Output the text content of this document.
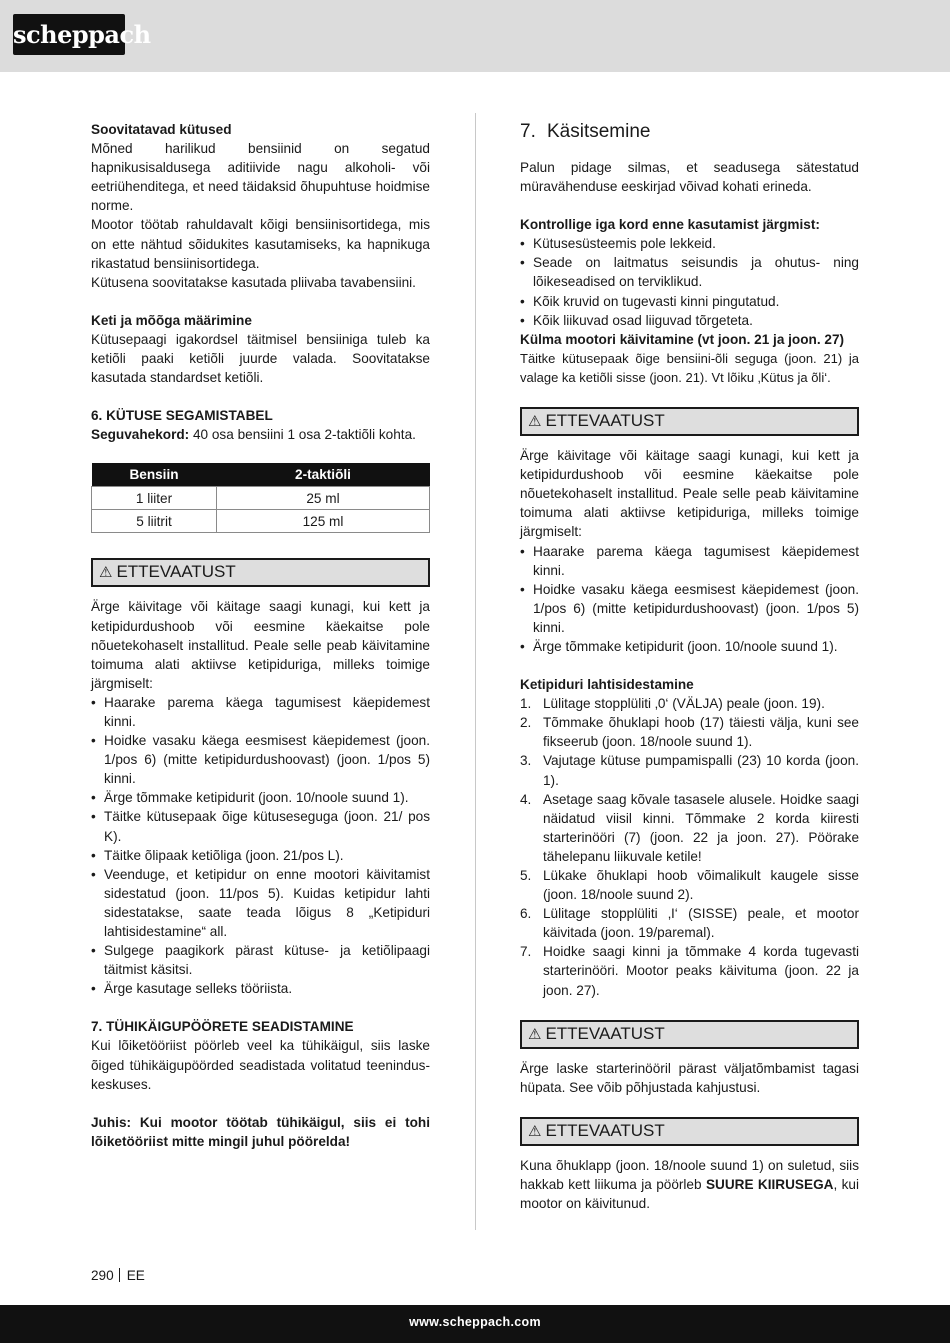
scheppach

Soovitatavad kütused

Mõned harilikud bensiinid on segatud hapnikusisaldusega aditiivide nagu alkoholi- või eetriühenditega, et need täidaksid õhupuhtuse hoidmise norme.

Mootor töötab rahuldavalt kõigi bensiinisortidega, mis on ette nähtud sõidukites kasutamiseks, ka hapnikuga rikastatud bensiinisortidega.

Kütusena soovitatakse kasutada pliivaba tavabensiini.

Keti ja mõõga määrimine

Kütusepaagi igakordsel täitmisel bensiiniga tuleb ka ketiõli paaki ketiõli juurde valada. Soovitatakse kasutada standardset ketiõli.

6. KÜTUSE SEGAMISTABEL

Seguvahekord: 40 osa bensiini 1 osa 2-taktiõli kohta.

Bensiin	2-taktiõli
1 liiter	25 ml
5 liitrit	125 ml
⚠ ETTEVAATUST

Ärge käivitage või käitage saagi kunagi, kui kett ja ketipidurdushoob või eesmine käekaitse pole nõuetekohaselt installitud. Peale selle peab käivitamine toimuma alati aktiivse ketipiduriga, milleks toimige järgmiselt:

• Haarake parema käega tagumisest käepidemest kinni.
• Hoidke vasaku käega eesmisest käepidemest (joon. 1/pos 6) (mitte ketipidurdushoovast) (joon. 1/pos 5) kinni.
• Ärge tõmmake ketipidurit (joon. 10/noole suund 1).
• Täitke kütusepaak õige kütuseseguga (joon. 21/ pos K).
• Täitke õlipaak ketiõliga (joon. 21/pos L).
• Veenduge, et ketipidur on enne mootori käivitamist sidestatud (joon. 11/pos 5). Kuidas ketipidur lahti sidestatakse, saate teada lõigus 8 „Ketipiduri lahtisidestamine“ all.
• Sulgege paagikork pärast kütuse- ja ketiõlipaagi täitmist käsitsi.
• Ärge kasutage selleks tööriista.

7. TÜHIKÄIGUPÖÖRETE SEADISTAMINE

Kui lõiketööriist pöörleb veel ka tühikäigul, siis laske õiged tühikäigupöörded seadistada volitatud teeninduskeskuses.

Juhis: Kui mootor töötab tühikäigul, siis ei tohi lõiketööriist mitte mingil juhul pöörelda!

7. Käsitsemine

Palun pidage silmas, et seadusega sätestatud müravähenduse eeskirjad võivad kohati erineda.

Kontrollige iga kord enne kasutamist järgmist:

• Kütusesüsteemis pole lekkeid.
• Seade on laitmatus seisundis ja ohutus- ning lõikeseadised on terviklikud.
• Kõik kruvid on tugevasti kinni pingutatud.
• Kõik liikuvad osad liiguvad tõrgeteta.

Külma mootori käivitamine (vt joon. 21 ja joon. 27)

Täitke kütusepaak õige bensiini-õli seguga (joon. 21) ja valage ka ketiõli sisse (joon. 21). Vt lõiku ‚Kütus ja õli‘.

⚠ ETTEVAATUST

Ärge käivitage või käitage saagi kunagi, kui kett ja ketipidurdushoob või eesmine käekaitse pole nõuetekohaselt installitud. Peale selle peab käivitamine toimuma alati aktiivse ketipiduriga, milleks toimige järgmiselt:

• Haarake parema käega tagumisest käepidemest kinni.
• Hoidke vasaku käega eesmisest käepidemest (joon. 1/pos 6) (mitte ketipidurdushoovast) (joon. 1/pos 5) kinni.
• Ärge tõmmake ketipidurit (joon. 10/noole suund 1).

Ketipiduri lahtisidestamine

1. Lülitage stopplüliti ‚0‘ (VÄLJA) peale (joon. 19).
2. Tõmmake õhuklapi hoob (17) täiesti välja, kuni see fikseerub (joon. 18/noole suund 1).
3. Vajutage kütuse pumpamispalli (23) 10 korda (joon. 1).
4. Asetage saag kõvale tasasele alusele. Hoidke saagi näidatud viisil kinni. Tõmmake 2 korda kiiresti starterinööri (7) (joon. 22 ja joon. 27). Pöörake tähelepanu liikuvale ketile!
5. Lükake õhuklapi hoob võimalikult kaugele sisse (joon. 18/noole suund 2).
6. Lülitage stopplüliti ‚I‘ (SISSE) peale, et mootor käivitada (joon. 19/paremal).
7. Hoidke saagi kinni ja tõmmake 4 korda tugevasti starterinööri. Mootor peaks käivituma (joon. 22 ja joon. 27).
⚠ ETTEVAATUST

Ärge laske starterinööril pärast väljatõmbamist tagasi hüpata. See võib põhjustada kahjustusi.

⚠ ETTEVAATUST

Kuna õhuklapp (joon. 18/noole suund 1) on suletud, siis hakkab kett liikuma ja pöörleb SUURE KIIRUSEGA, kui mootor on käivitunud.

290 EE
www.scheppach.com
